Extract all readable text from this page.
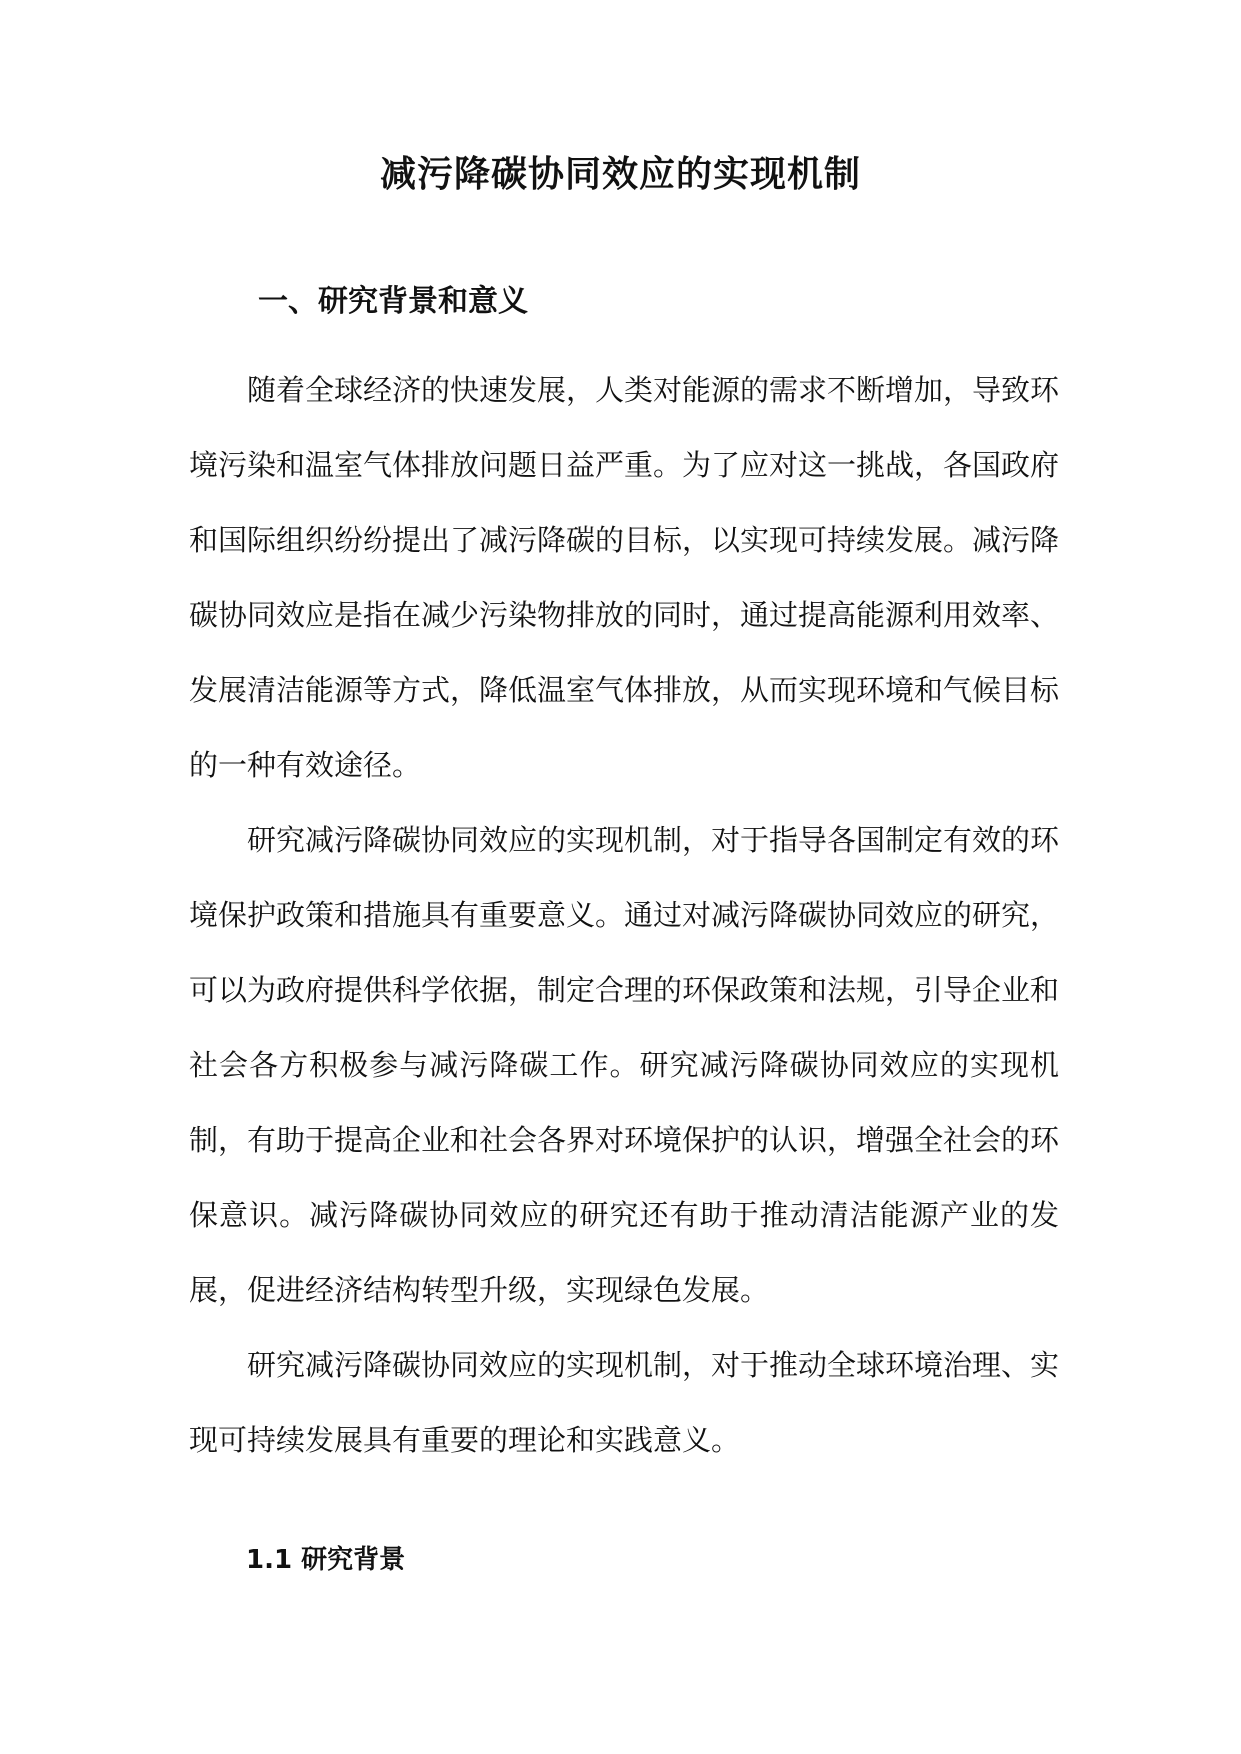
减污降碳协同效应的实现机制
一、研究背景和意义

随着全球经济的快速发展，人类对能源的需求不断增加，导致环境污染和温室气体排放问题日益严重。为了应对这一挑战，各国政府和国际组织纷纷提出了减污降碳的目标，以实现可持续发展。减污降碳协同效应是指在减少污染物排放的同时，通过提高能源利用效率、发展清洁能源等方式，降低温室气体排放，从而实现环境和气候目标的一种有效途径。

研究减污降碳协同效应的实现机制，对于指导各国制定有效的环境保护政策和措施具有重要意义。通过对减污降碳协同效应的研究，可以为政府提供科学依据，制定合理的环保政策和法规，引导企业和社会各方积极参与减污降碳工作。研究减污降碳协同效应的实现机制，有助于提高企业和社会各界对环境保护的认识，增强全社会的环保意识。减污降碳协同效应的研究还有助于推动清洁能源产业的发展，促进经济结构转型升级，实现绿色发展。

研究减污降碳协同效应的实现机制，对于推动全球环境治理、实现可持续发展具有重要的理论和实践意义。

1.1 研究背景
